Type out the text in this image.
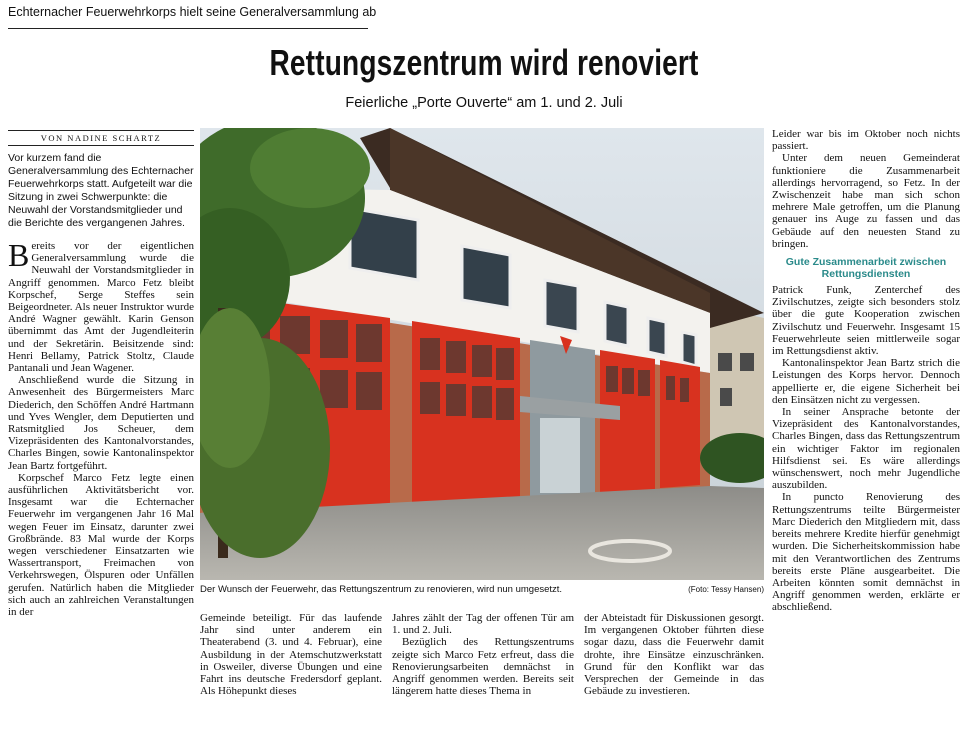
Echternacher Feuerwehrkorps hielt seine Generalversammlung ab
Rettungszentrum wird renoviert
Feierliche „Porte Ouverte“ am 1. und 2. Juli
VON NADINE SCHARTZ
Vor kurzem fand die Generalversammlung des Echternacher Feuerwehrkorps statt. Aufgeteilt war die Sitzung in zwei Schwerpunkte: die Neuwahl der Vorstandsmitglieder und die Berichte des vergangenen Jahres.

Bereits vor der eigentlichen Generalversammlung wurde die Neuwahl der Vorstandsmitglieder in Angriff genommen. Marco Fetz bleibt Korpschef, Serge Steffes sein Beigeordneter. Als neuer Instruktor wurde André Wagner gewählt. Karin Genson übernimmt das Amt der Jugendleiterin und der Sekretärin. Beisitzende sind: Henri Bellamy, Patrick Stoltz, Claude Pantanali und Jean Wagener.

Anschließend wurde die Sitzung in Anwesenheit des Bürgermeisters Marc Diederich, den Schöffen André Hartmann und Yves Wengler, dem Deputierten und Ratsmitglied Jos Scheuer, dem Vizepräsidenten des Kantonalvorstandes, Charles Bingen, sowie Kantonalinspektor Jean Bartz fortgeführt.

Korpschef Marco Fetz legte einen ausführlichen Aktivitätsbericht vor. Insgesamt war die Echternacher Feuerwehr im vergangenen Jahr 16 Mal wegen Feuer im Einsatz, darunter zwei Großbrände. 83 Mal wurde der Korps wegen verschiedener Einsatzarten wie Wassertransport, Freimachen von Verkehrswegen, Ölspuren oder Unfällen gerufen. Natürlich haben die Mitglieder sich auch an zahlreichen Veranstaltungen in der

Der Wunsch der Feuerwehr, das Rettungszentrum zu renovieren, wird nun umgesetzt.	(Foto: Tessy Hansen)

Gemeinde beteiligt. Für das laufende Jahr sind unter anderem ein Theaterabend (3. und 4. Februar), eine Ausbildung in der Atemschutzwerkstatt in Osweiler, diverse Übungen und eine Fahrt ins deutsche Fredersdorf geplant. Als Höhepunkt dieses

Jahres zählt der Tag der offenen Tür am 1. und 2. Juli.

Bezüglich des Rettungszentrums zeigte sich Marco Fetz erfreut, dass die Renovierungsarbeiten demnächst in Angriff genommen werden. Bereits seit längerem hatte dieses Thema in

der Abteistadt für Diskussionen gesorgt. Im vergangenen Oktober führten diese sogar dazu, dass die Feuerwehr damit drohte, ihre Einsätze einzuschränken. Grund für den Konflikt war das Versprechen der Gemeinde in das Gebäude zu investieren.

Leider war bis im Oktober noch nichts passiert.

Unter dem neuen Gemeinderat funktioniere die Zusammenarbeit allerdings hervorragend, so Fetz. In der Zwischenzeit habe man sich schon mehrere Male getroffen, um die Planung genauer ins Auge zu fassen und das Gebäude auf den neuesten Stand zu bringen.

Gute Zusammenarbeit zwischen Rettungsdiensten

Patrick Funk, Zenterchef des Zivilschutzes, zeigte sich besonders stolz über die gute Kooperation zwischen Zivilschutz und Feuerwehr. Insgesamt 15 Feuerwehrleute seien mittlerweile sogar im Rettungsdienst aktiv.

Kantonalinspektor Jean Bartz strich die Leistungen des Korps hervor. Dennoch appellierte er, die eigene Sicherheit bei den Einsätzen nicht zu vergessen.

In seiner Ansprache betonte der Vizepräsident des Kantonalvorstandes, Charles Bingen, dass das Rettungszentrum ein wichtiger Faktor im regionalen Hilfsdienst sei. Es wäre allerdings wünschenswert, noch mehr Jugendliche auszubilden.

In puncto Renovierung des Rettungszentrums teilte Bürgermeister Marc Diederich den Mitgliedern mit, dass bereits mehrere Kredite hierfür genehmigt wurden. Die Sicherheitskommission habe mit den Verantwortlichen des Zentrums bereits erste Pläne ausgearbeitet. Die Arbeiten könnten somit demnächst in Angriff genommen werden, erklärte er abschließend.
